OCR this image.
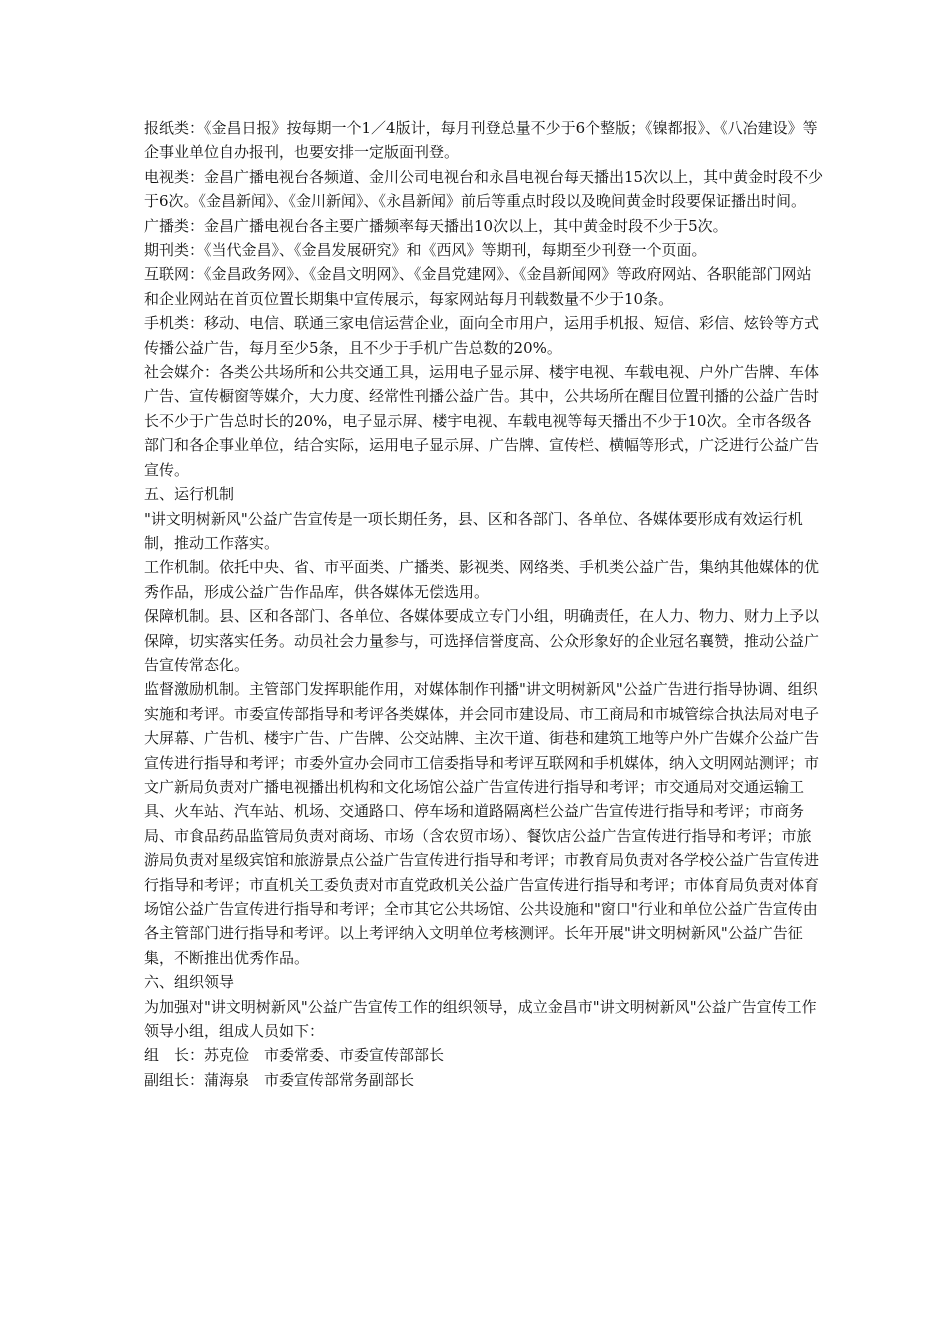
报纸类：《金昌日报》按每期一个1／4版计，每月刊登总量不少于6个整版；《镍都报》、《八冶建设》等企事业单位自办报刊，也要安排一定版面刊登。

电视类：金昌广播电视台各频道、金川公司电视台和永昌电视台每天播出15次以上，其中黄金时段不少于6次。《金昌新闻》、《金川新闻》、《永昌新闻》前后等重点时段以及晚间黄金时段要保证播出时间。

广播类：金昌广播电视台各主要广播频率每天播出10次以上，其中黄金时段不少于5次。

期刊类：《当代金昌》、《金昌发展研究》和《西风》等期刊，每期至少刊登一个页面。

互联网：《金昌政务网》、《金昌文明网》、《金昌党建网》、《金昌新闻网》等政府网站、各职能部门网站和企业网站在首页位置长期集中宣传展示，每家网站每月刊载数量不少于10条。

手机类：移动、电信、联通三家电信运营企业，面向全市用户，运用手机报、短信、彩信、炫铃等方式传播公益广告，每月至少5条，且不少于手机广告总数的20%。

社会媒介：各类公共场所和公共交通工具，运用电子显示屏、楼宇电视、车载电视、户外广告牌、车体广告、宣传橱窗等媒介，大力度、经常性刊播公益广告。其中，公共场所在醒目位置刊播的公益广告时长不少于广告总时长的20%，电子显示屏、楼宇电视、车载电视等每天播出不少于10次。全市各级各部门和各企事业单位，结合实际，运用电子显示屏、广告牌、宣传栏、横幅等形式，广泛进行公益广告宣传。

五、运行机制

"讲文明树新风"公益广告宣传是一项长期任务，县、区和各部门、各单位、各媒体要形成有效运行机制，推动工作落实。

工作机制。依托中央、省、市平面类、广播类、影视类、网络类、手机类公益广告，集纳其他媒体的优秀作品，形成公益广告作品库，供各媒体无偿选用。

保障机制。县、区和各部门、各单位、各媒体要成立专门小组，明确责任，在人力、物力、财力上予以保障，切实落实任务。动员社会力量参与，可选择信誉度高、公众形象好的企业冠名襄赞，推动公益广告宣传常态化。

监督激励机制。主管部门发挥职能作用，对媒体制作刊播"讲文明树新风"公益广告进行指导协调、组织实施和考评。市委宣传部指导和考评各类媒体，并会同市建设局、市工商局和市城管综合执法局对电子大屏幕、广告机、楼宇广告、广告牌、公交站牌、主次干道、街巷和建筑工地等户外广告媒介公益广告宣传进行指导和考评；市委外宣办会同市工信委指导和考评互联网和手机媒体，纳入文明网站测评；市文广新局负责对广播电视播出机构和文化场馆公益广告宣传进行指导和考评；市交通局对交通运输工具、火车站、汽车站、机场、交通路口、停车场和道路隔离栏公益广告宣传进行指导和考评；市商务局、市食品药品监管局负责对商场、市场（含农贸市场）、餐饮店公益广告宣传进行指导和考评；市旅游局负责对星级宾馆和旅游景点公益广告宣传进行指导和考评；市教育局负责对各学校公益广告宣传进行指导和考评；市直机关工委负责对市直党政机关公益广告宣传进行指导和考评；市体育局负责对体育场馆公益广告宣传进行指导和考评；全市其它公共场馆、公共设施和"窗口"行业和单位公益广告宣传由各主管部门进行指导和考评。以上考评纳入文明单位考核测评。长年开展"讲文明树新风"公益广告征集，不断推出优秀作品。

六、组织领导

为加强对"讲文明树新风"公益广告宣传工作的组织领导，成立金昌市"讲文明树新风"公益广告宣传工作领导小组，组成人员如下：

组　长：苏克俭　市委常委、市委宣传部部长

副组长：蒲海泉　市委宣传部常务副部长
